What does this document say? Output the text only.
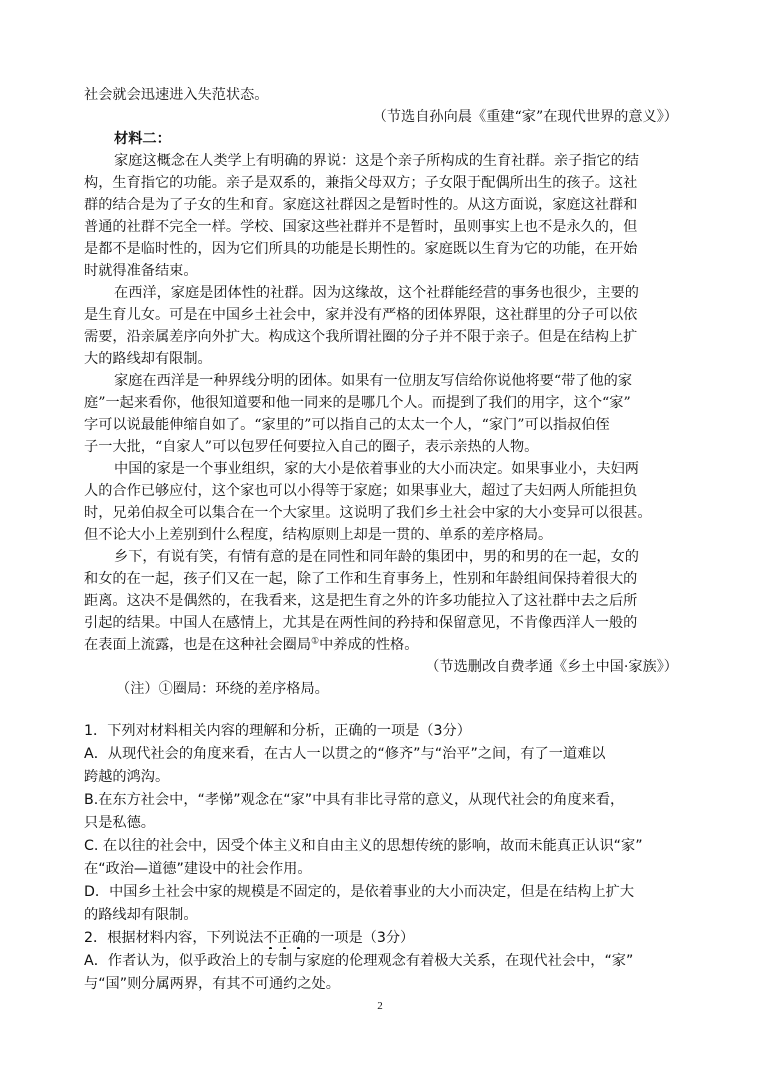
社会就会迅速进入失范状态。
（节选自孙向晨《重建“家”在现代世界的意义》）
材料二：
家庭这概念在人类学上有明确的界说：这是个亲子所构成的生育社群。亲子指它的结
构，生育指它的功能。亲子是双系的，兼指父母双方；子女限于配偶所出生的孩子。这社
群的结合是为了子女的生和育。家庭这社群因之是暂时性的。从这方面说，家庭这社群和
普通的社群不完全一样。学校、国家这些社群并不是暂时，虽则事实上也不是永久的，但
是都不是临时性的，因为它们所具的功能是长期性的。家庭既以生育为它的功能，在开始
时就得准备结束。
在西洋，家庭是团体性的社群。因为这缘故，这个社群能经营的事务也很少，主要的
是生育儿女。可是在中国乡土社会中，家并没有严格的团体界限，这社群里的分子可以依
需要，沿亲属差序向外扩大。构成这个我所谓社圈的分子并不限于亲子。但是在结构上扩
大的路线却有限制。
家庭在西洋是一种界线分明的团体。如果有一位朋友写信给你说他将要“带了他的家
庭”一起来看你，他很知道要和他一同来的是哪几个人。而提到了我们的用字，这个“家”
字可以说最能伸缩自如了。“家里的”可以指自己的太太一个人，“家门”可以指叔伯侄
子一大批，“自家人”可以包罗任何要拉入自己的圈子，表示亲热的人物。
中国的家是一个事业组织，家的大小是依着事业的大小而决定。如果事业小，夫妇两
人的合作已够应付，这个家也可以小得等于家庭；如果事业大，超过了夫妇两人所能担负
时，兄弟伯叔全可以集合在一个大家里。这说明了我们乡土社会中家的大小变异可以很甚。
但不论大小上差别到什么程度，结构原则上却是一贯的、单系的差序格局。
乡下，有说有笑，有情有意的是在同性和同年龄的集团中，男的和男的在一起，女的
和女的在一起，孩子们又在一起，除了工作和生育事务上，性别和年龄组间保持着很大的
距离。这决不是偶然的，在我看来，这是把生育之外的许多功能拉入了这社群中去之后所
引起的结果。中国人在感情上，尤其是在两性间的矜持和保留意见，不肯像西洋人一般的
在表面上流露，也是在这种社会圈局①中养成的性格。
（节选删改自费孝通《乡土中国·家族》）
（注）①圈局：环绕的差序格局。
1．下列对材料相关内容的理解和分析，正确的一项是（3分）
A．从现代社会的角度来看，在古人一以贯之的“修齐”与“治平”之间，有了一道难以
跨越的鸿沟。
B.在东方社会中，“孝悌”观念在“家”中具有非比寻常的意义，从现代社会的角度来看，
只是私德。
C. 在以往的社会中，因受个体主义和自由主义的思想传统的影响，故而未能真正认识“家”
在“政治—道德”建设中的社会作用。
D．中国乡土社会中家的规模是不固定的，是依着事业的大小而决定，但是在结构上扩大
的路线却有限制。
2．根据材料内容，下列说法不正确的一项是（3分）
A．作者认为，似乎政治上的专制与家庭的伦理观念有着极大关系，在现代社会中，“家”
与“国”则分属两界，有其不可通约之处。
2
